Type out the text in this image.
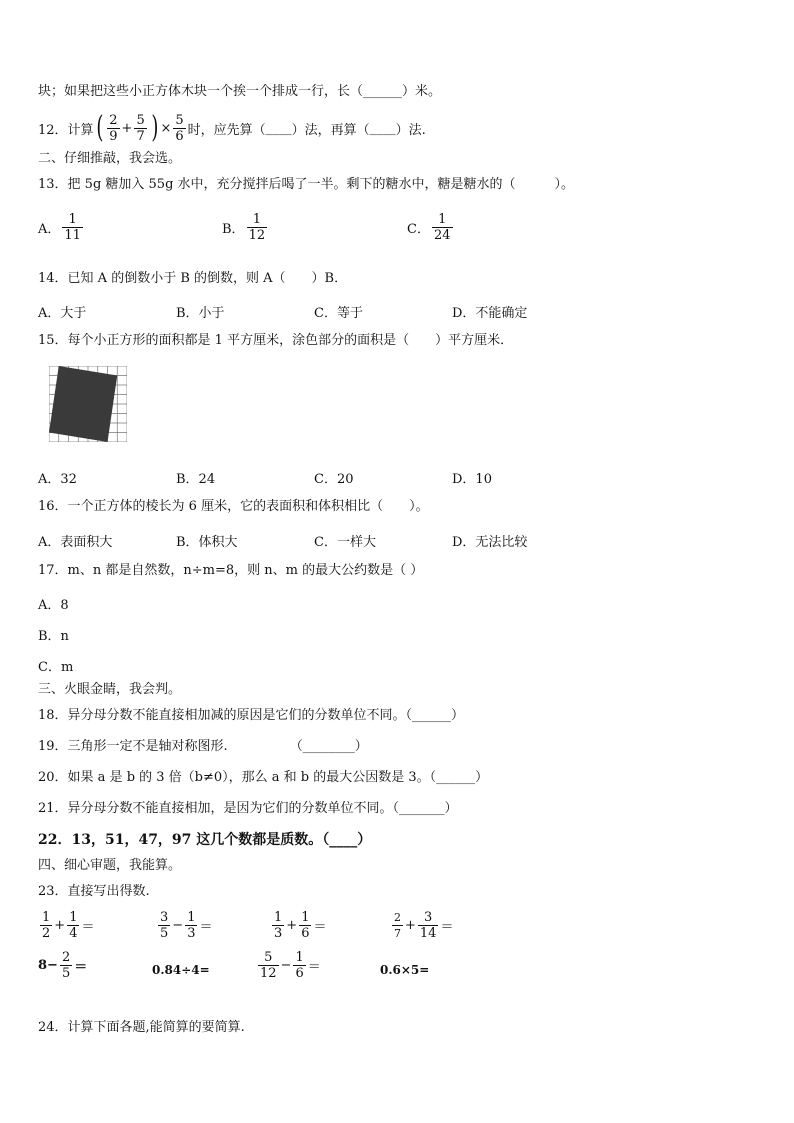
块；如果把这些小正方体木块一个挨一个排成一行，长（______）米。
12．计算 ( $\frac{2}{9} + \frac{5}{7}$ ) × $\frac{5}{6}$ 时，应先算（ ____ ）法，再算（ ____ ）法.
二、仔细推敲，我会选。
13．把 5g 糖加入 55g 水中，充分搅拌后喝了一半。剩下的糖水中，糖是糖水的（　　　）。
A． $\frac{1}{11}$	B． $\frac{1}{12}$	C． $\frac{1}{24}$
14．已知 A 的倒数小于 B 的倒数，则 A（　　）B．
A．大于	B．小于	C．等于	D．不能确定
15．每个小正方形的面积都是 1 平方厘米，涂色部分的面积是（　　）平方厘米．
A．32	B．24	C．20	D．10
16．一个正方体的棱长为 6 厘米，它的表面积和体积相比（　　）。
A．表面积大	B．体积大	C．一样大	D．无法比较
17．m、n 都是自然数，n÷m=8，则 n、m 的最大公约数是（ ）
A．8
B．n
C．m
三、火眼金睛，我会判。
18．异分母分数不能直接相加减的原因是它们的分数单位不同。（______）
19．三角形一定不是轴对称图形.	（________）
20．如果 a 是 b 的 3 倍（b≠0），那么 a 和 b 的最大公因数是 3。（______）
21．异分母分数不能直接相加，是因为它们的分数单位不同。（_______）
22．13，51，47，97 这几个数都是质数。（____）
四、细心审题，我能算。
23．直接写出得数.
$\frac{1}{2} + \frac{1}{4}$ ＝	$\frac{3}{5} - \frac{1}{3}$ ＝	$\frac{1}{3} + \frac{1}{6}$ ＝	$\frac{2}{7} + \frac{3}{14}$ ＝
$8- \frac{2}{5}$ ＝	0.84÷4=	$\frac{5}{12} - \frac{1}{6}$ ＝	0.6×5=
24．计算下面各题,能简算的要简算.
